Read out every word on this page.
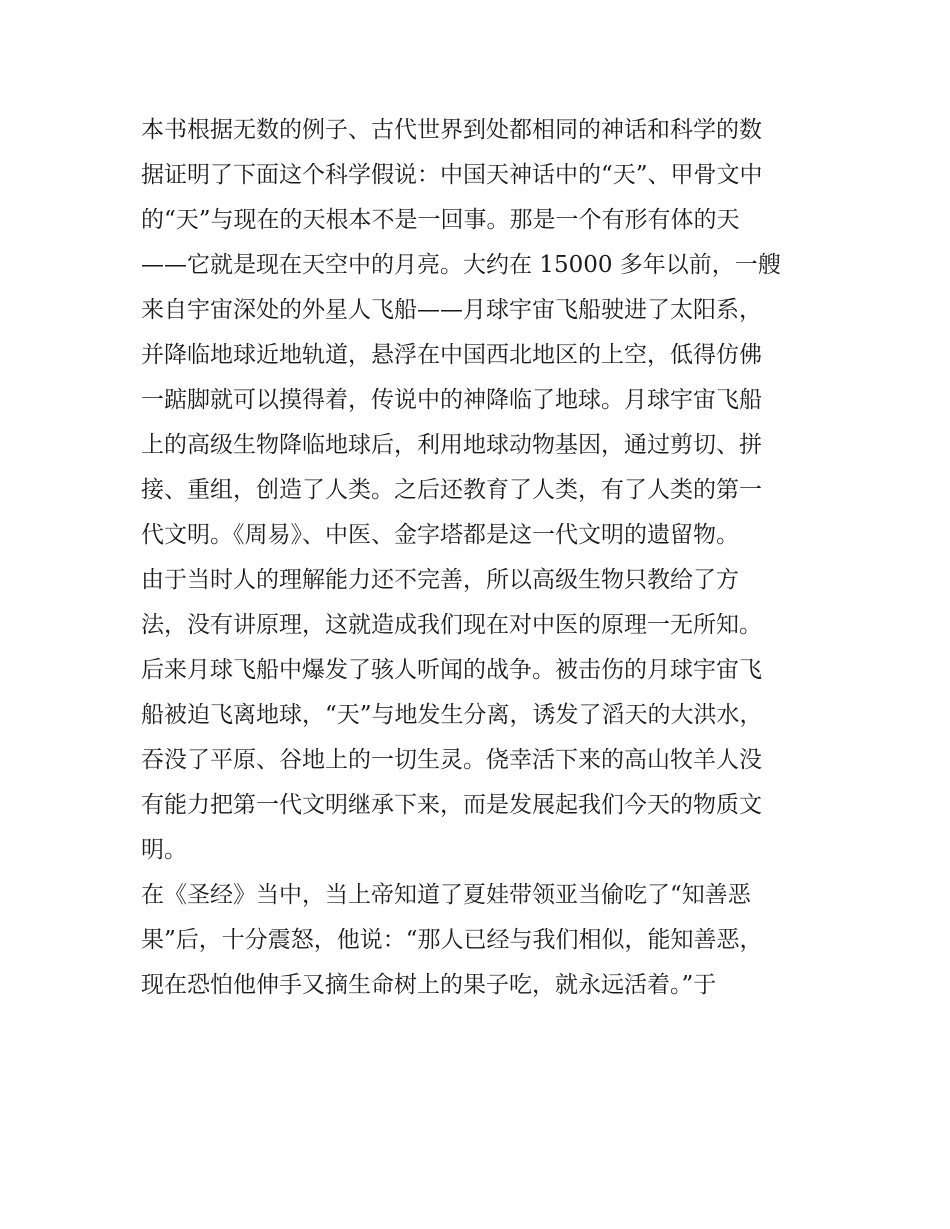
本书根据无数的例子、古代世界到处都相同的神话和科学的数
据证明了下面这个科学假说：中国天神话中的“天”、甲骨文中
的“天”与现在的天根本不是一回事。那是一个有形有体的天
——它就是现在天空中的月亮。大约在 15000 多年以前，一艘
来自宇宙深处的外星人飞船——月球宇宙飞船驶进了太阳系，
并降临地球近地轨道，悬浮在中国西北地区的上空，低得仿佛
一踮脚就可以摸得着，传说中的神降临了地球。月球宇宙飞船
上的高级生物降临地球后，利用地球动物基因，通过剪切、拼
接、重组，创造了人类。之后还教育了人类，有了人类的第一
代文明。《周易》、中医、金字塔都是这一代文明的遗留物。
由于当时人的理解能力还不完善，所以高级生物只教给了方
法，没有讲原理，这就造成我们现在对中医的原理一无所知。
后来月球飞船中爆发了骇人听闻的战争。被击伤的月球宇宙飞
船被迫飞离地球，“天”与地发生分离，诱发了滔天的大洪水，
吞没了平原、谷地上的一切生灵。侥幸活下来的高山牧羊人没
有能力把第一代文明继承下来，而是发展起我们今天的物质文
明。
在《圣经》当中，当上帝知道了夏娃带领亚当偷吃了“知善恶
果”后，十分震怒，他说：“那人已经与我们相似，能知善恶，
现在恐怕他伸手又摘生命树上的果子吃，就永远活着。”于
